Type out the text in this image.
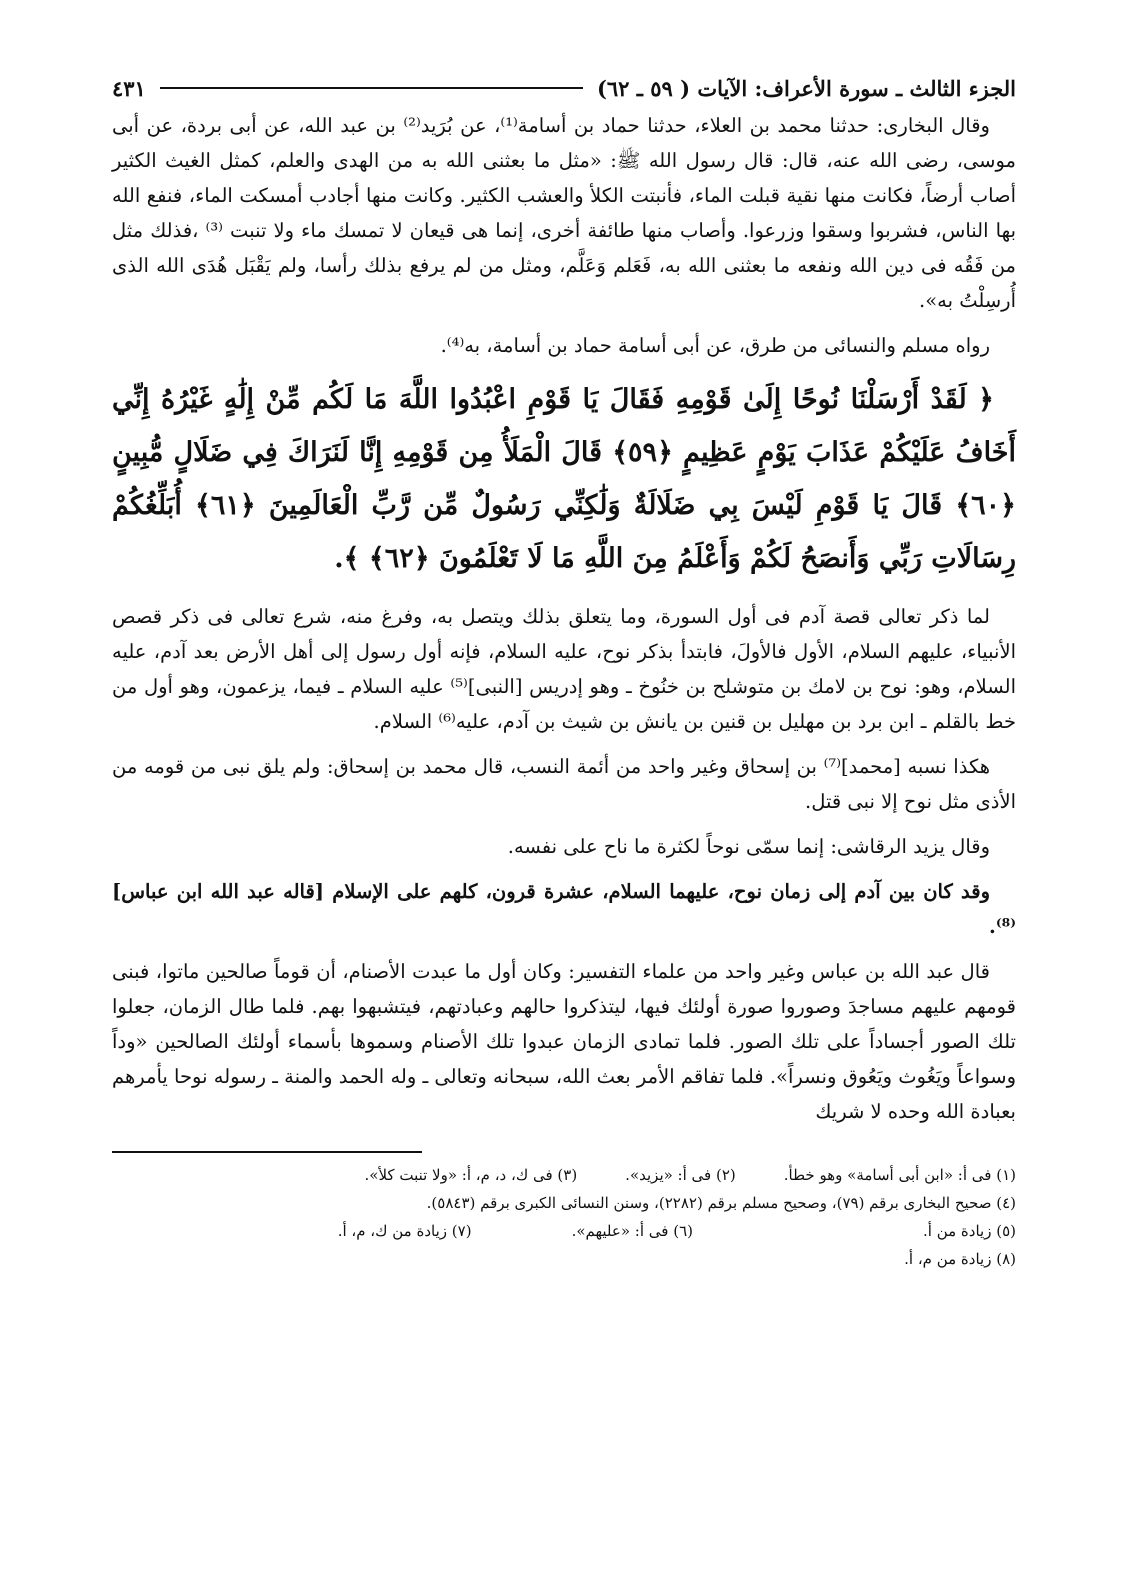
الجزء الثالث ـ سورة الأعراف: الآيات ( ٥٩ ـ ٦٢)
٤٣١

وقال البخارى: حدثنا محمد بن العلاء، حدثنا حماد بن أسامة⁽¹⁾، عن بُرَيد⁽²⁾ بن عبد الله، عن أبى بردة، عن أبى موسى، رضى الله عنه، قال: قال رسول الله ﷺ: «مثل ما بعثنى الله به من الهدى والعلم، كمثل الغيث الكثير أصاب أرضاً، فكانت منها نقية قبلت الماء، فأنبتت الكلأ والعشب الكثير. وكانت منها أجادب أمسكت الماء، فنفع الله بها الناس، فشربوا وسقوا وزرعوا. وأصاب منها طائفة أخرى، إنما هى قيعان لا تمسك ماء ولا تنبت ⁽³⁾ ،فذلك مثل من فَقُه فى دين الله ونفعه ما بعثنى الله به، فَعَلم وَعَلَّم، ومثل من لم يرفع بذلك رأسا، ولم يَقْبَل هُدَى الله الذى أُرسِلْتُ به».

رواه مسلم والنسائى من طرق، عن أبى أسامة حماد بن أسامة، به⁽⁴⁾.

﴿ لَقَدْ أَرْسَلْنَا نُوحًا إِلَىٰ قَوْمِهِ فَقَالَ يَا قَوْمِ اعْبُدُوا اللَّهَ مَا لَكُم مِّنْ إِلَٰهٍ غَيْرُهُ إِنِّي أَخَافُ عَلَيْكُمْ عَذَابَ يَوْمٍ عَظِيمٍ ﴿٥٩﴾ قَالَ الْمَلَأُ مِن قَوْمِهِ إِنَّا لَنَرَاكَ فِي ضَلَالٍ مُّبِينٍ ﴿٦٠﴾ قَالَ يَا قَوْمِ لَيْسَ بِي ضَلَالَةٌ وَلَٰكِنِّي رَسُولٌ مِّن رَّبِّ الْعَالَمِينَ ﴿٦١﴾ أُبَلِّغُكُمْ رِسَالَاتِ رَبِّي وَأَنصَحُ لَكُمْ وَأَعْلَمُ مِنَ اللَّهِ مَا لَا تَعْلَمُونَ ﴿٦٢﴾ ﴾.

لما ذكر تعالى قصة آدم فى أول السورة، وما يتعلق بذلك ويتصل به، وفرغ منه، شرع تعالى فى ذكر قصص الأنبياء، عليهم السلام، الأول فالأولَ، فابتدأ بذكر نوح، عليه السلام، فإنه أول رسول إلى أهل الأرض بعد آدم، عليه السلام، وهو: نوح بن لامك بن متوشلح بن خنُوخ ـ وهو إدريس [النبى]⁽⁵⁾ عليه السلام ـ فيما، يزعمون، وهو أول من خط بالقلم ـ ابن برد بن مهليل بن قنين بن يانش بن شيث بن آدم، عليه⁽⁶⁾ السلام.

هكذا نسبه [محمد]⁽⁷⁾ بن إسحاق وغير واحد من أئمة النسب، قال محمد بن إسحاق: ولم يلق نبى من قومه من الأذى مثل نوح إلا نبى قتل.

وقال يزيد الرقاشى: إنما سمّى نوحاً لكثرة ما ناح على نفسه.

وقد كان بين آدم إلى زمان نوح، عليهما السلام، عشرة قرون، كلهم على الإسلام [قاله عبد الله ابن عباس]⁽⁸⁾.

قال عبد الله بن عباس وغير واحد من علماء التفسير: وكان أول ما عبدت الأصنام، أن قوماً صالحين ماتوا، فبنى قومهم عليهم مساجدَ وصوروا صورة أولئك فيها، ليتذكروا حالهم وعبادتهم، فيتشبهوا بهم. فلما طال الزمان، جعلوا تلك الصور أجساداً على تلك الصور. فلما تمادى الزمان عبدوا تلك الأصنام وسموها بأسماء أولئك الصالحين «وداً وسواعاً ويَغُوث ويَعُوق ونسراً». فلما تفاقم الأمر بعث الله، سبحانه وتعالى ـ وله الحمد والمنة ـ رسوله نوحا يأمرهم بعبادة الله وحده لا شريك

(١) فى أ: «ابن أبى أسامة» وهو خطأ.
(٢) فى أ: «يزيد».
(٣) فى ك، د، م، أ: «ولا تنبت كلأ».
(٤) صحيح البخارى برقم (٧٩)، وصحيح مسلم برقم (٢٢٨٢)، وسنن النسائى الكبرى برقم (٥٨٤٣).
(٥) زيادة من أ.
(٦) فى أ: «عليهم».
(٧) زيادة من ك، م، أ.
(٨) زيادة من م، أ.
